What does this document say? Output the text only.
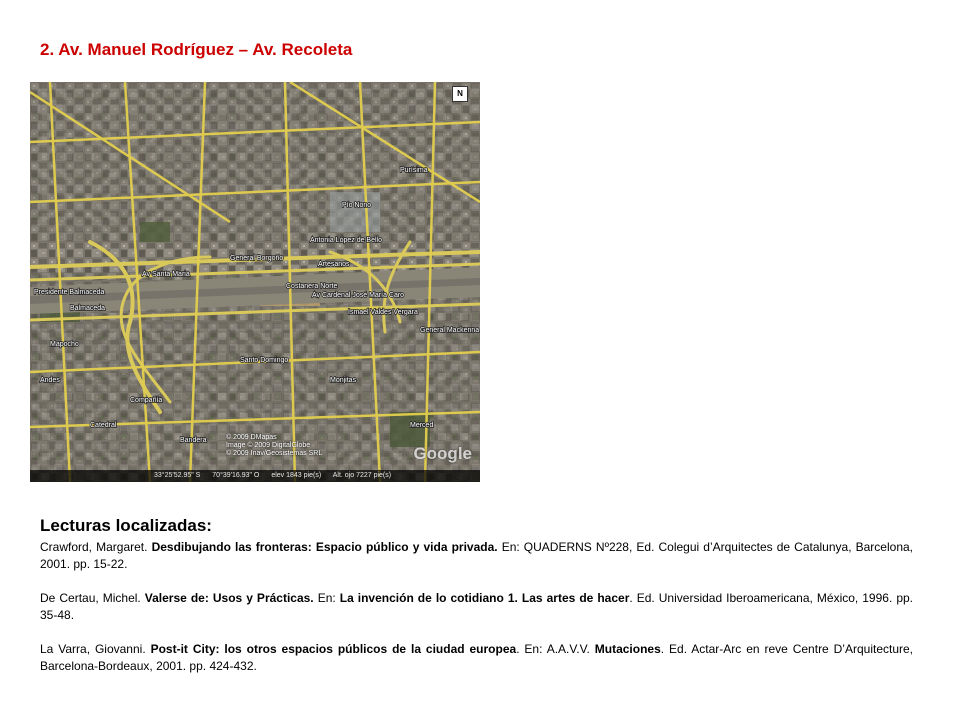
2. Av. Manuel Rodríguez – Av. Recoleta
General Borgoño
Av Santa Maria
Artesanos
Costanera Norte
Av Cardenal José María Caro
Ismael Valdes Vergara
Antonia López de Bello
Pío Nono
Mapocho
Balmaceda
Presidente Balmaceda
Andes
Bandera
Purísima
Santo Domingo
Monjitas
Compañía
Catedral	Merced
General Mackenna
N
© 2009 DMapas
Image © 2009 DigitalGlobe
© 2009 Inav/Geosistemas SRL	Google
33°25'52.95" S 70°39'16.93" O elev 1843 pie(s) Alt. ojo 7227 pie(s)
Lecturas localizadas:

Crawford, Margaret. Desdibujando las fronteras: Espacio público y vida privada. En: QUADERNS Nº228, Ed. Colegui d’Arquitectes de Catalunya, Barcelona, 2001. pp. 15-22.

De Certau, Michel. Valerse de: Usos y Prácticas. En: La invención de lo cotidiano 1. Las artes de hacer. Ed. Universidad Iberoamericana, México, 1996. pp. 35-48.

La Varra, Giovanni. Post-it City: los otros espacios públicos de la ciudad europea. En: A.A.V.V. Mutaciones. Ed. Actar-Arc en reve Centre D’Arquitecture, Barcelona-Bordeaux, 2001. pp. 424-432.
